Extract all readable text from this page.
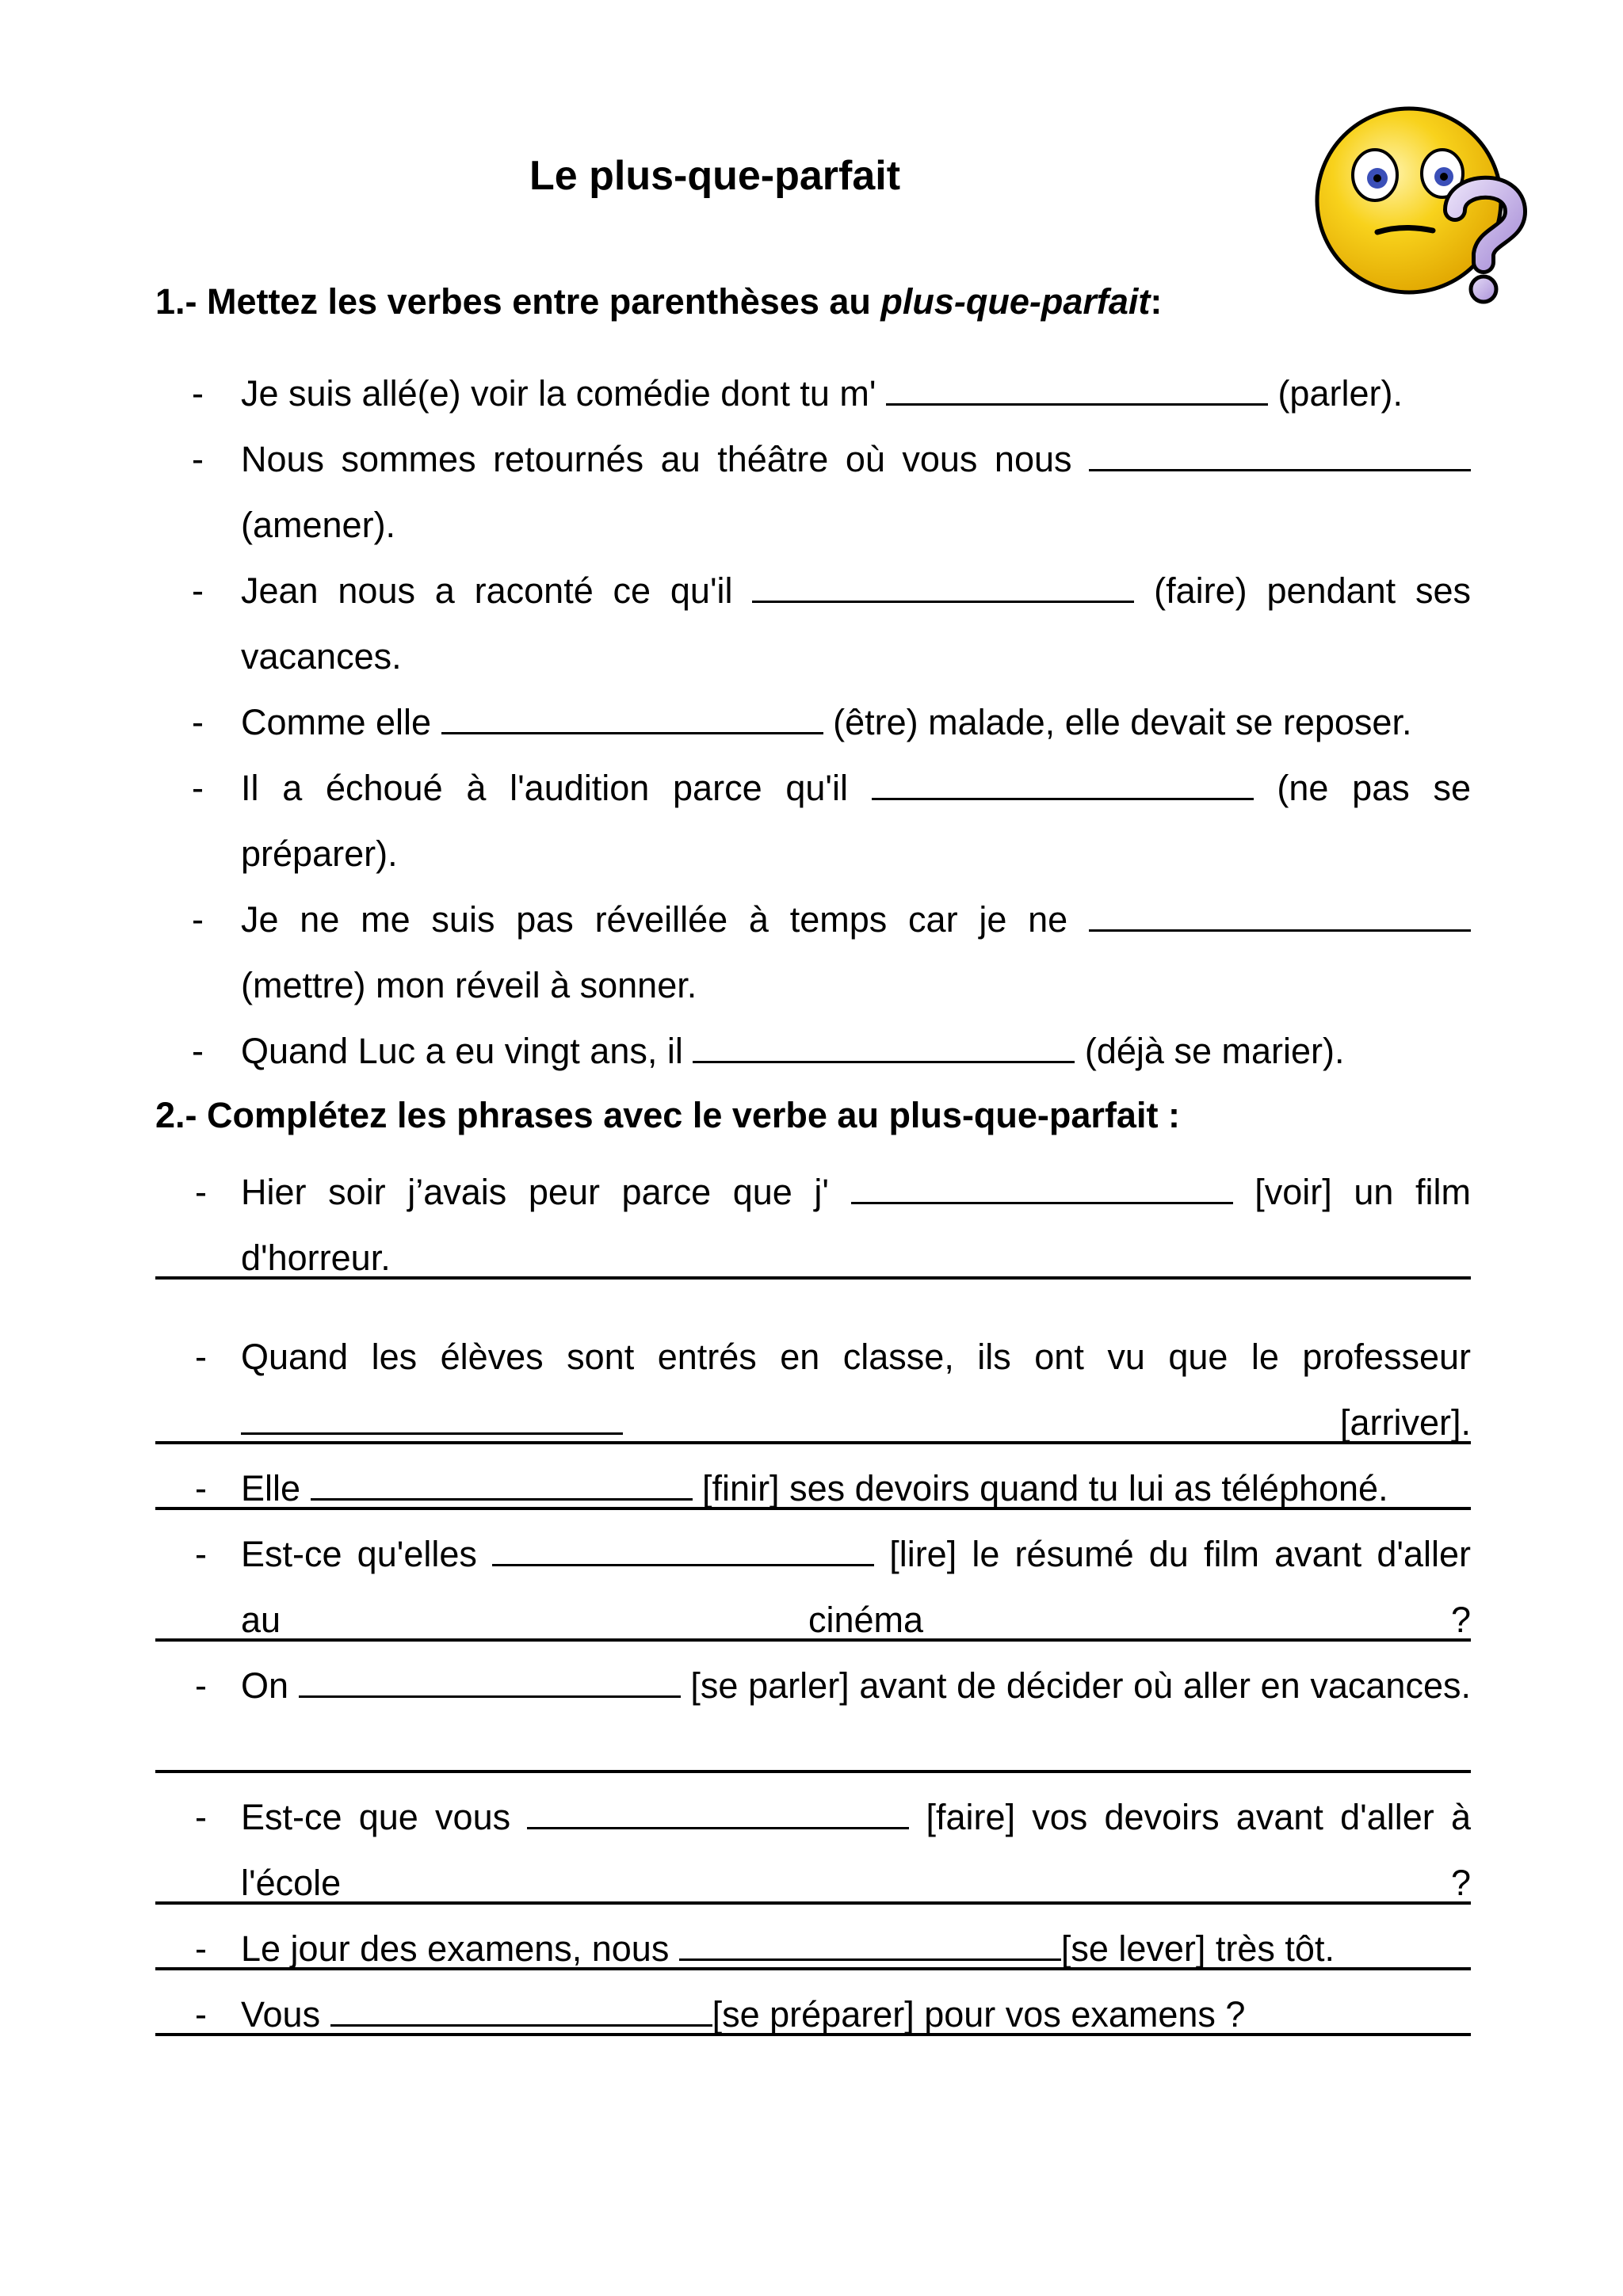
Le plus-que-parfait
1.- Mettez les verbes entre parenthèses au plus-que-parfait:
- Je suis allé(e) voir la comédie dont tu m'	(parler).
- Nous sommes retournés au théâtre où vous nous
(amener).
- Jean nous a raconté ce qu'il	(faire) pendant ses vacances.
- Comme elle	(être) malade, elle devait se reposer.
- Il a échoué à l'audition parce qu'il	(ne pas se préparer).
- Je ne me suis pas réveillée à temps car je ne
(mettre) mon réveil à sonner.
- Quand Luc a eu vingt ans, il	(déjà se marier).
2.- Complétez les phrases avec le verbe au plus-que-parfait :
- Hier soir j’avais peur parce que j'	[voir] un film d'horreur.
- Quand les élèves sont entrés en classe, ils ont vu que le professeur  [arriver].
- Elle	[finir] ses devoirs quand tu lui as téléphoné.
- Est-ce qu'elles	[lire] le résumé du film avant d'aller au cinéma ?
- On	[se parler] avant de décider où aller en vacances.
- Est-ce que vous	[faire] vos devoirs avant d'aller à l'école ?
- Le jour des examens, nous	[se lever] très tôt.
- Vous	[se préparer] pour vos examens ?
